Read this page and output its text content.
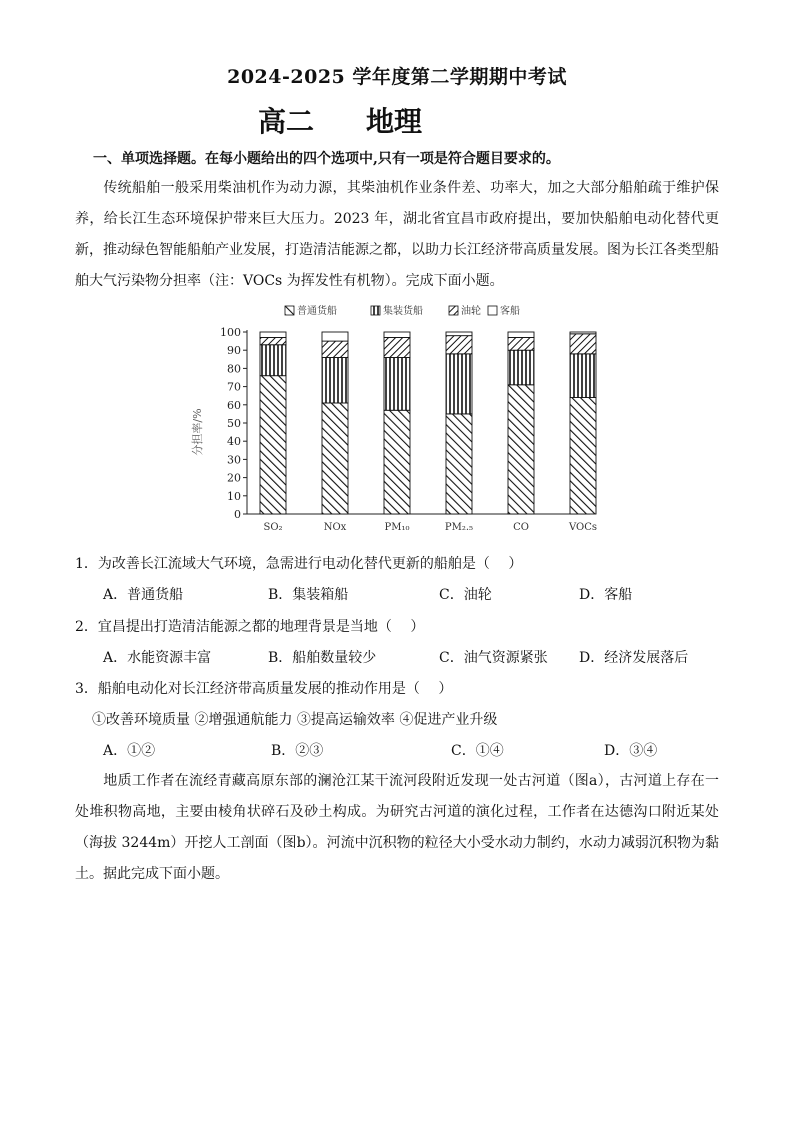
2024-2025 学年度第二学期期中考试
高二 地理
一、单项选择题。在每小题给出的四个选项中,只有一项是符合题目要求的。
传统船舶一般采用柴油机作为动力源，其柴油机作业条件差、功率大，加之大部分船舶疏于维护保养，给长江生态环境保护带来巨大压力。2023 年，湖北省宜昌市政府提出，要加快船舶电动化替代更新，推动绿色智能船舶产业发展，打造清洁能源之都，以助力长江经济带高质量发展。图为长江各类型船舶大气污染物分担率（注：VOCs 为挥发性有机物）。完成下面小题。
普通货船	集装货船	油轮 客船
0
10
20
30
40
50
60
70
80
90
100
SO₂	NOx	PM₁₀	PM₂.₅	CO	VOCs
分担率/%
1．为改善长江流域大气环境，急需进行电动化替代更新的船舶是（　 ）
A．普通货船	B．集装箱船	C．油轮	D．客船
2．宜昌提出打造清洁能源之都的地理背景是当地（　 ）
A．水能资源丰富	B．船舶数量较少	C．油气资源紧张 D．经济发展落后
3．船舶电动化对长江经济带高质量发展的推动作用是（　 ）
①改善环境质量 ②增强通航能力 ③提高运输效率 ④促进产业升级
A．①②	B．②③	C．①④	D．③④
地质工作者在流经青藏高原东部的澜沧江某干流河段附近发现一处古河道（图a），古河道上存在一处堆积物高地，主要由棱角状碎石及砂土构成。为研究古河道的演化过程，工作者在达德沟口附近某处（海拔 3244m）开挖人工剖面（图b）。河流中沉积物的粒径大小受水动力制约，水动力减弱沉积物为黏土。据此完成下面小题。
